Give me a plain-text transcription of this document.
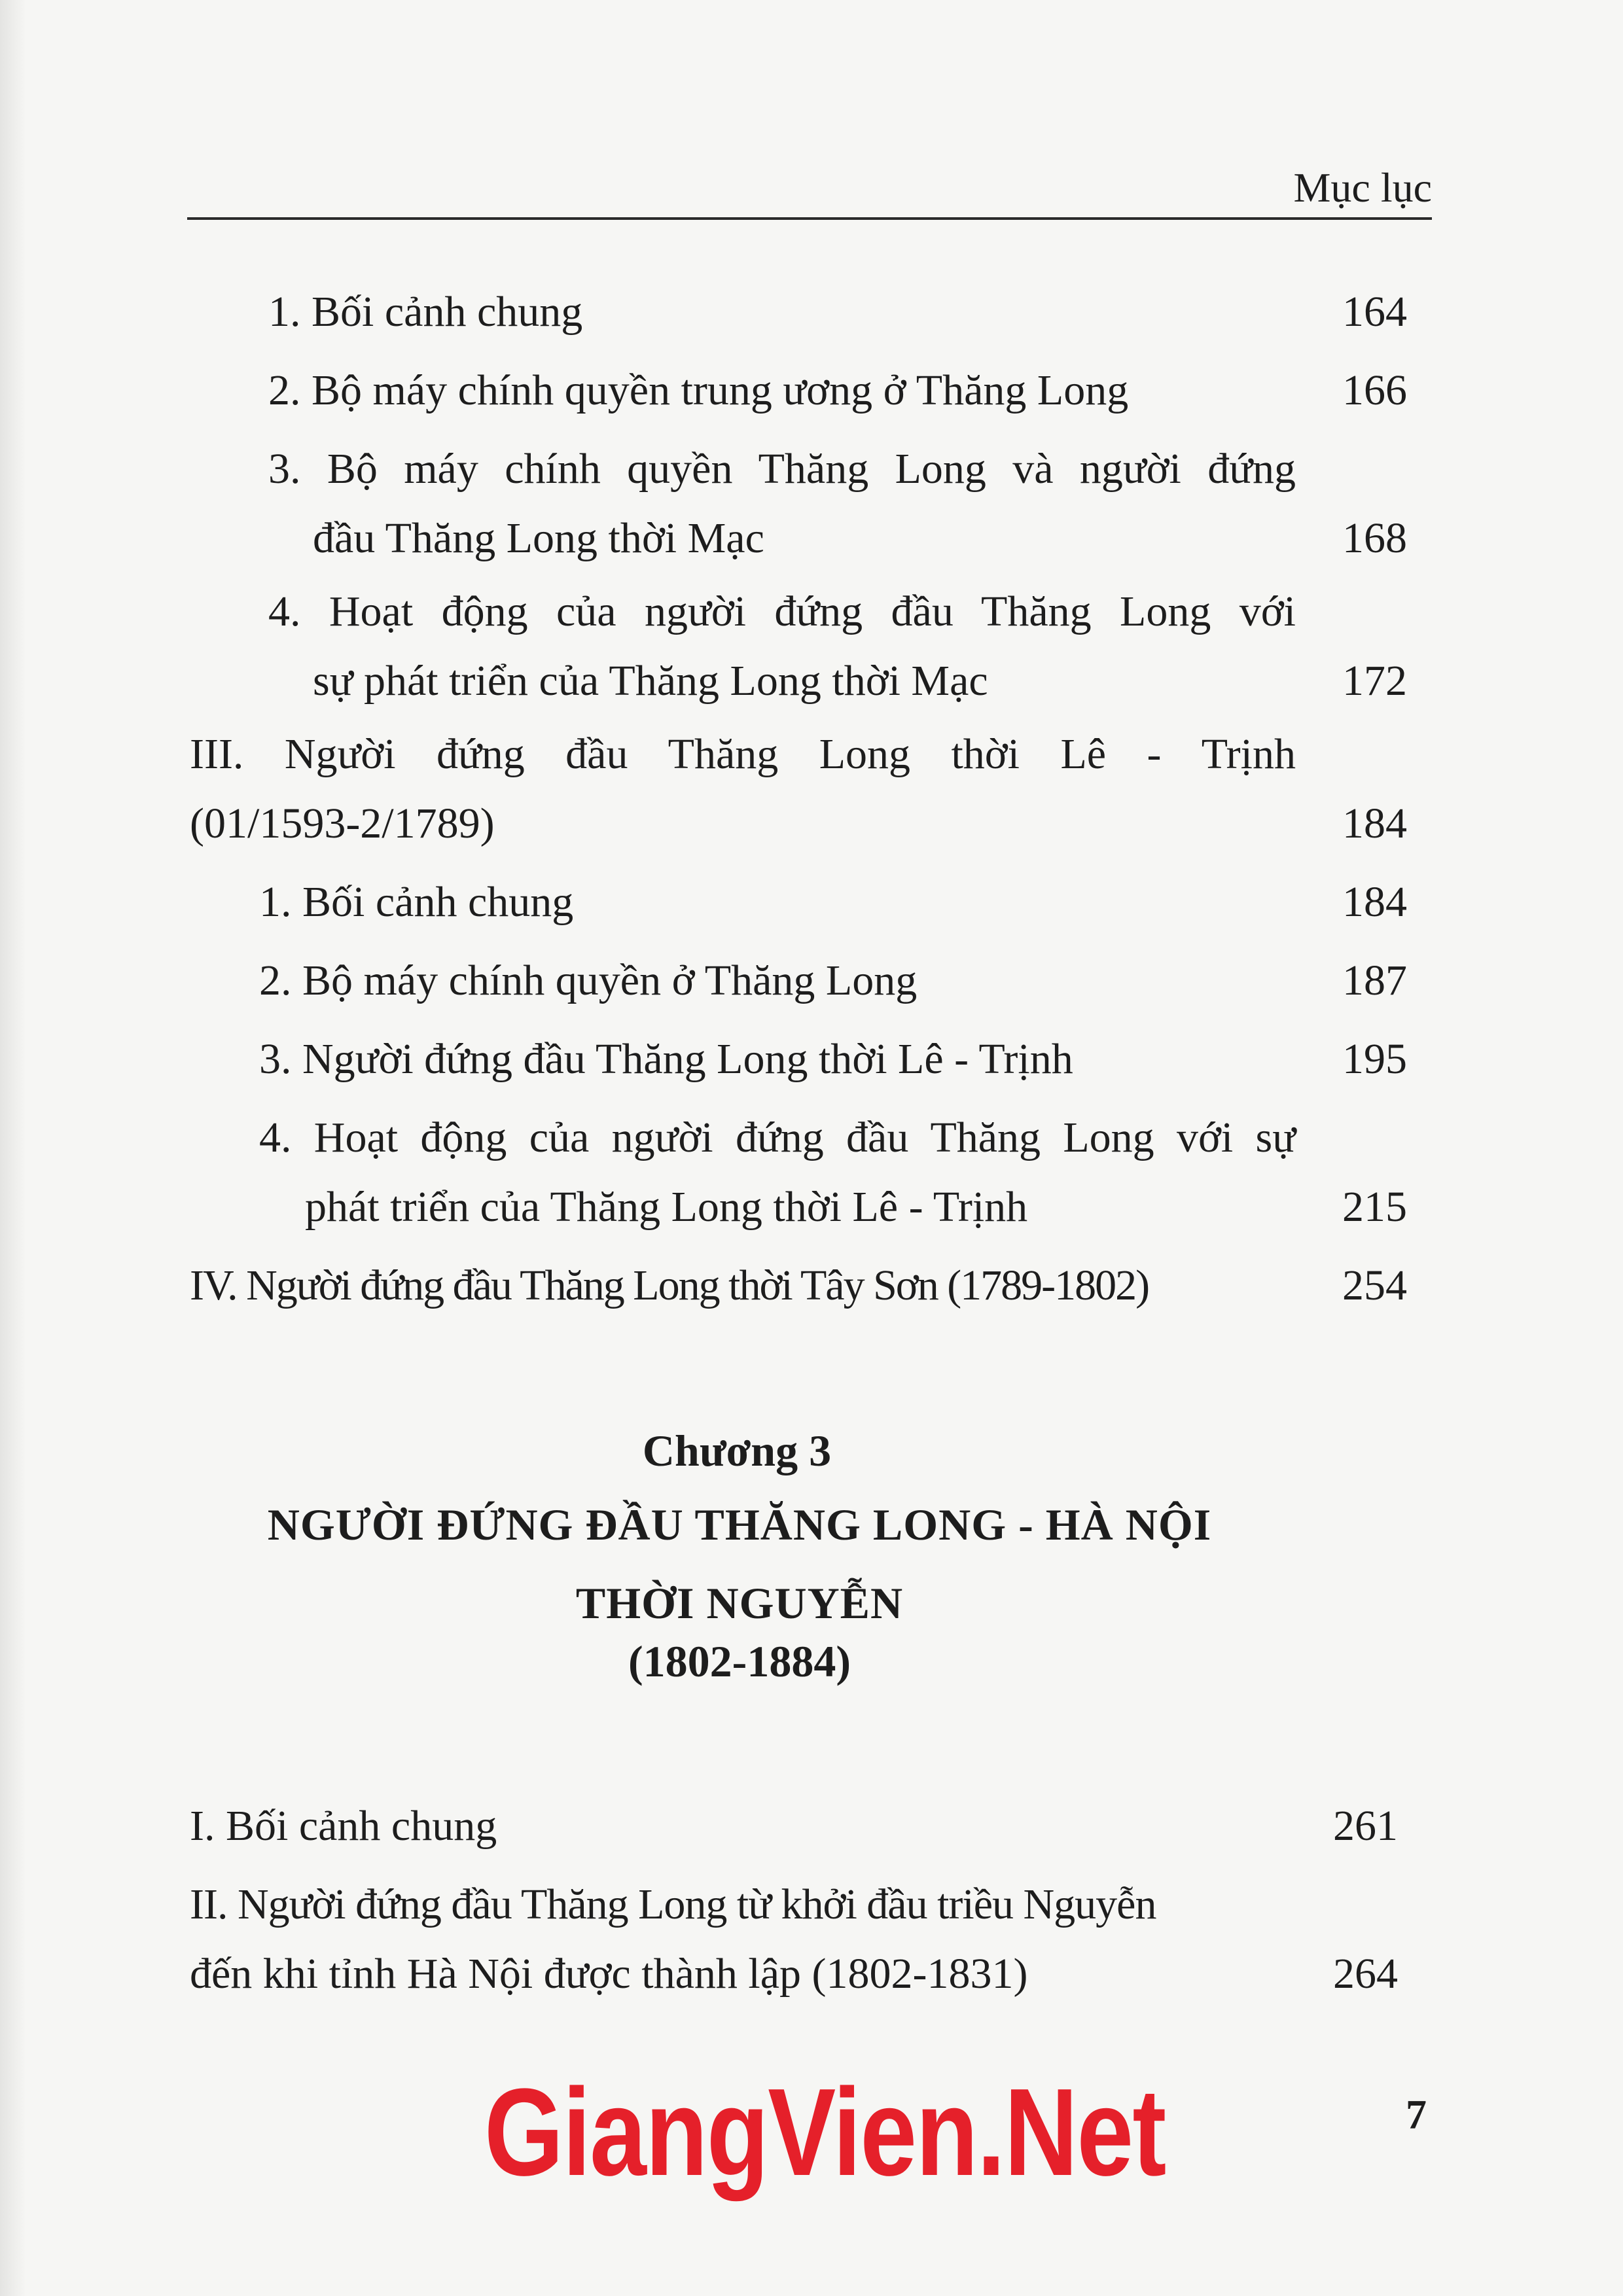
Mục lục
1. Bối cảnh chung	164
2. Bộ máy chính quyền trung ương ở Thăng Long	166
3. Bộ máy chính quyền Thăng Long và người đứng
đầu Thăng Long thời Mạc	168
4. Hoạt động của người đứng đầu Thăng Long với
sự phát triển của Thăng Long thời Mạc	172
III. Người đứng đầu Thăng Long thời Lê - Trịnh
(01/1593-2/1789)	184
1. Bối cảnh chung	184
2. Bộ máy chính quyền ở Thăng Long	187
3. Người đứng đầu Thăng Long thời Lê - Trịnh	195
4. Hoạt động của người đứng đầu Thăng Long với sự
phát triển của Thăng Long thời Lê - Trịnh	215
IV. Người đứng đầu Thăng Long thời Tây Sơn (1789-1802)	254
Chương 3
NGƯỜI ĐỨNG ĐẦU THĂNG LONG - HÀ NỘI
THỜI NGUYỄN
(1802-1884)
I. Bối cảnh chung	261
II. Người đứng đầu Thăng Long từ khởi đầu triều Nguyễn
đến khi tỉnh Hà Nội được thành lập (1802-1831)	264
GiangVien.Net	7
